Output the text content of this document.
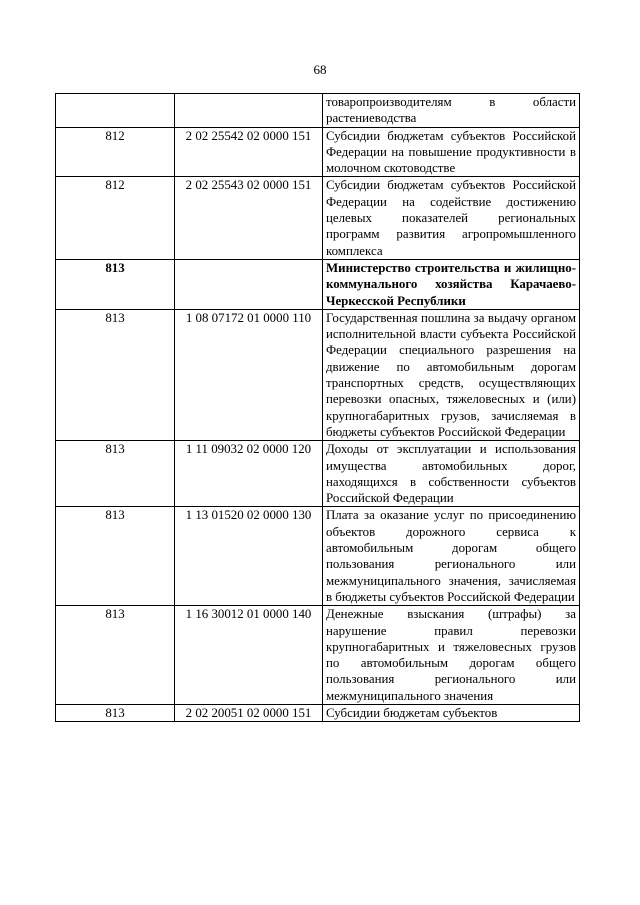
68
		товаропроизводителям в области растениеводства
812	2 02 25542 02 0000 151	Субсидии бюджетам субъектов Российской Федерации на повышение продуктивности в молочном скотоводстве
812	2 02 25543 02 0000 151	Субсидии бюджетам субъектов Российской Федерации на содействие достижению целевых показателей региональных программ развития агропромышленного комплекса
813		Министерство строительства и жилищно-коммунального хозяйства Карачаево-Черкесской Республики
813	1 08 07172 01 0000 110	Государственная пошлина за выдачу органом исполнительной власти субъекта Российской Федерации специального разрешения на движение по автомобильным дорогам транспортных средств, осуществляющих перевозки опасных, тяжеловесных и (или) крупногабаритных грузов, зачисляемая в бюджеты субъектов Российской Федерации
813	1 11 09032 02 0000 120	Доходы от эксплуатации и использования имущества автомобильных дорог, находящихся в собственности субъектов Российской Федерации
813	1 13 01520 02 0000 130	Плата за оказание услуг по присоединению объектов дорожного сервиса к автомобильным дорогам общего пользования регионального или межмуниципального значения, зачисляемая в бюджеты субъектов Российской Федерации
813	1 16 30012 01 0000 140	Денежные взыскания (штрафы) за нарушение правил перевозки крупногабаритных и тяжеловесных грузов по автомобильным дорогам общего пользования регионального или межмуниципального значения
813	2 02 20051 02 0000 151	Субсидии бюджетам субъектов
